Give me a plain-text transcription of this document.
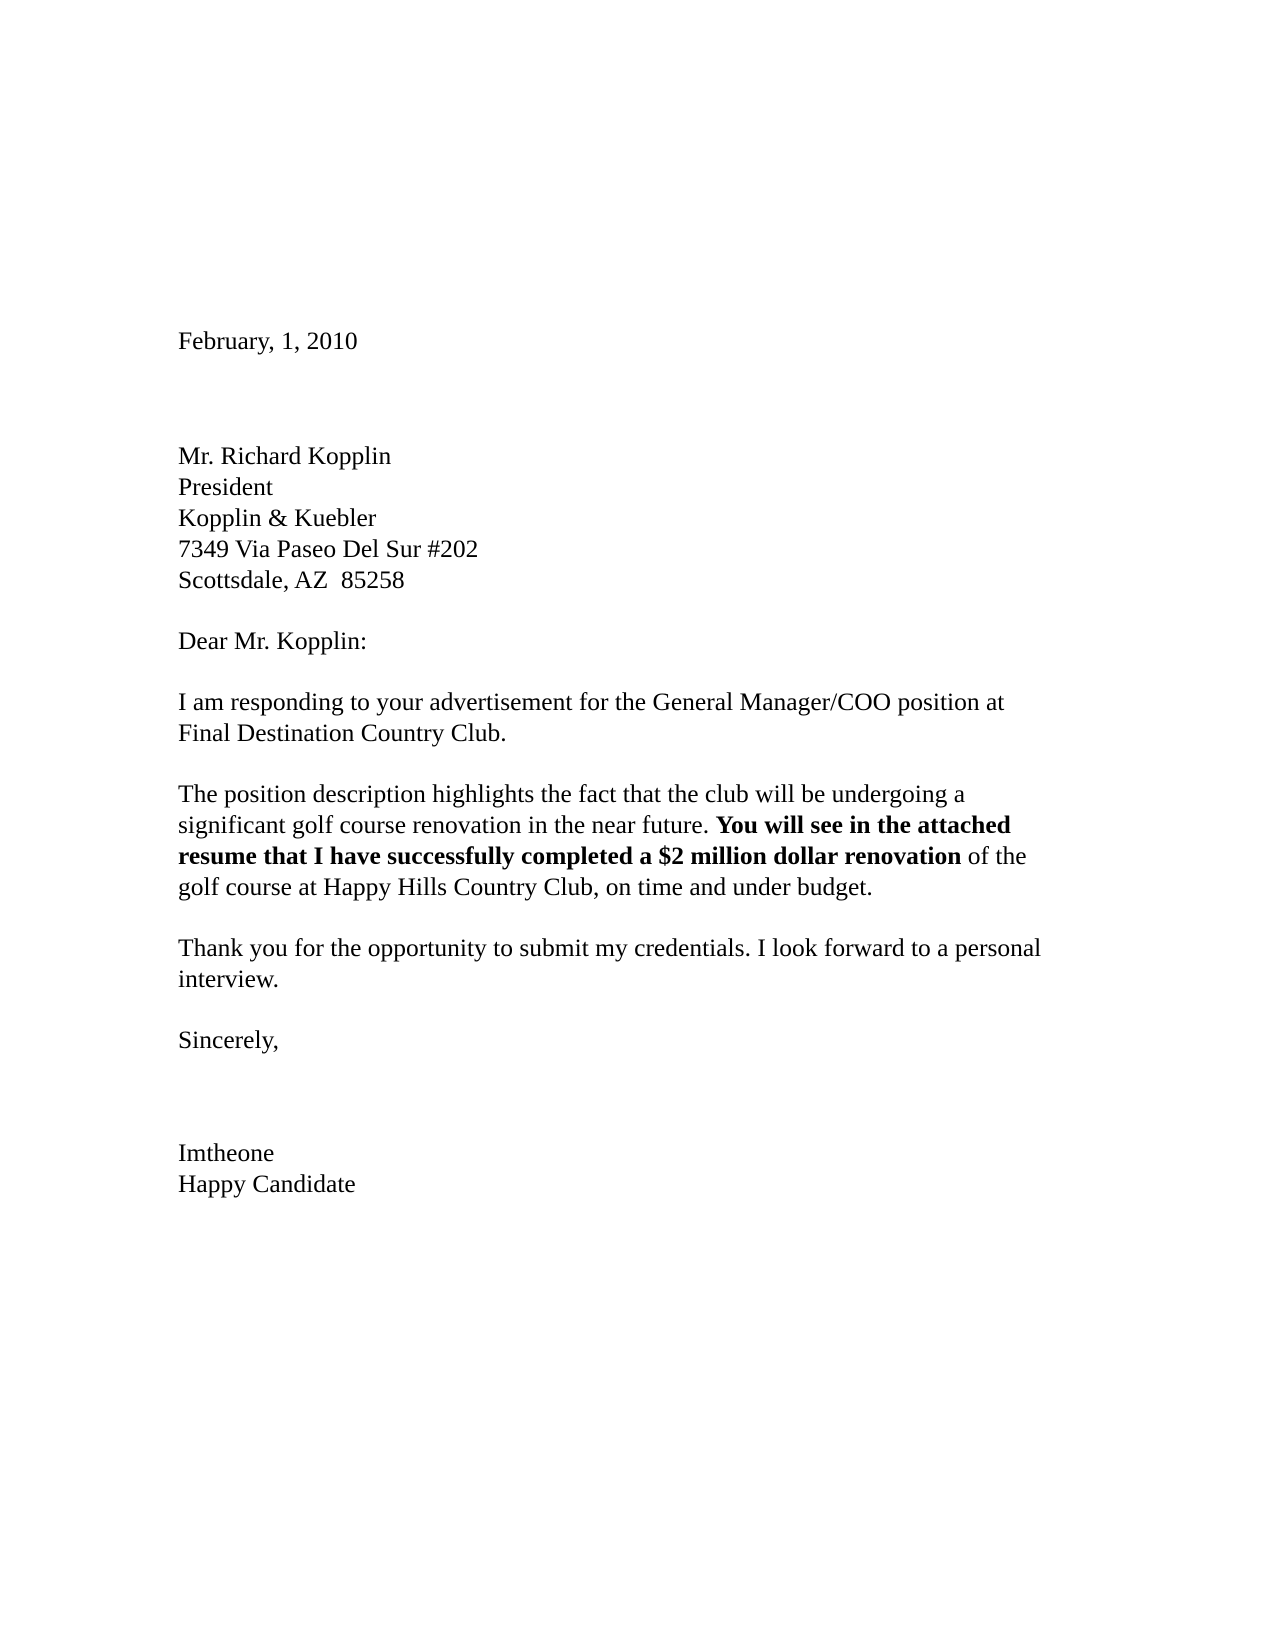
February, 1, 2010
Mr. Richard Kopplin
President
Kopplin & Kuebler
7349 Via Paseo Del Sur #202
Scottsdale, AZ  85258
Dear Mr. Kopplin:

I am responding to your advertisement for the General Manager/COO position at Final Destination Country Club.

The position description highlights the fact that the club will be undergoing a significant golf course renovation in the near future. You will see in the attached resume that I have successfully completed a $2 million dollar renovation of the golf course at Happy Hills Country Club, on time and under budget.

Thank you for the opportunity to submit my credentials. I look forward to a personal interview.

Sincerely,
Imtheone
Happy Candidate
